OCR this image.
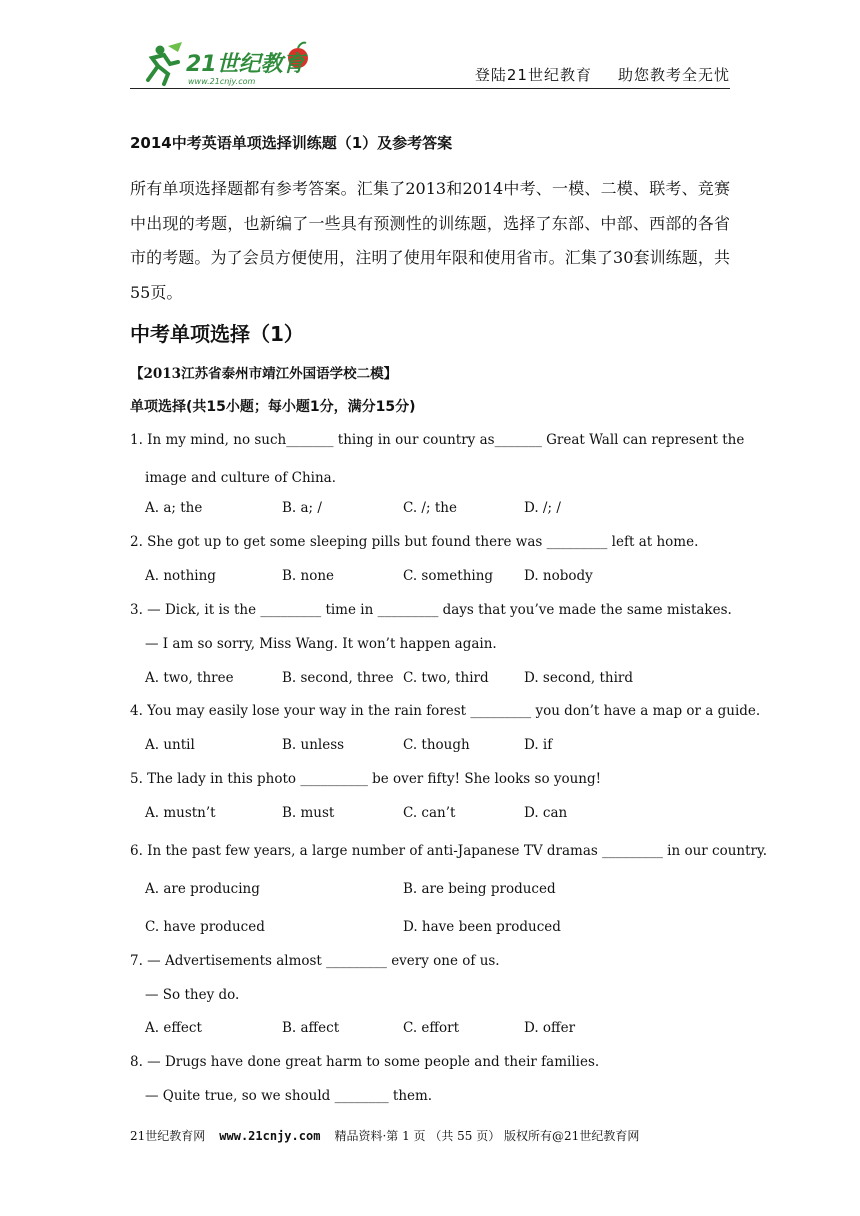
21世纪教育
www.21cnjy.com	登陆21世纪教育 助您教考全无忧
2014中考英语单项选择训练题（1）及参考答案
所有单项选择题都有参考答案。汇集了2013和2014中考、一模、二模、联考、竞赛中出现的考题，也新编了一些具有预测性的训练题，选择了东部、中部、西部的各省市的考题。为了会员方便使用，注明了使用年限和使用省市。汇集了30套训练题，共55页。
中考单项选择（1）
【2013江苏省泰州市靖江外国语学校二模】
单项选择(共15小题；每小题1分，满分15分)
1. In my mind, no such_______ thing in our country as_______ Great Wall can represent the
image and culture of China．
A. a; the	B. a; /	C. /; the	D. /; /
2. She got up to get some sleeping pills but found there was _________ left at home.
A. nothing	B. none	C. something D. nobody
3. — Dick, it is the _________ time in _________ days that you’ve made the same mistakes.
— I am so sorry, Miss Wang. It won’t happen again.
A. two, three	B. second, three C. two, third	D. second, third
4. You may easily lose your way in the rain forest _________ you don’t have a map or a guide.
A. until	B. unless	C. though	D. if
5. The lady in this photo __________ be over fifty! She looks so young!
A. mustn’t	B. must	C. can’t	D. can
6. In the past few years, a large number of anti-Japanese TV dramas _________ in our country.
A. are producing	B. are being produced
C. have produced	D. have been produced
7. — Advertisements almost _________ every one of us.
— So they do.
A. effect	B. affect	C. effort	D. offer
8. — Drugs have done great harm to some people and their families.
— Quite true, so we should ________ them.
21世纪教育网 www.21cnjy.com 精品资料·第 1 页 （共 55 页） 版权所有@21世纪教育网
